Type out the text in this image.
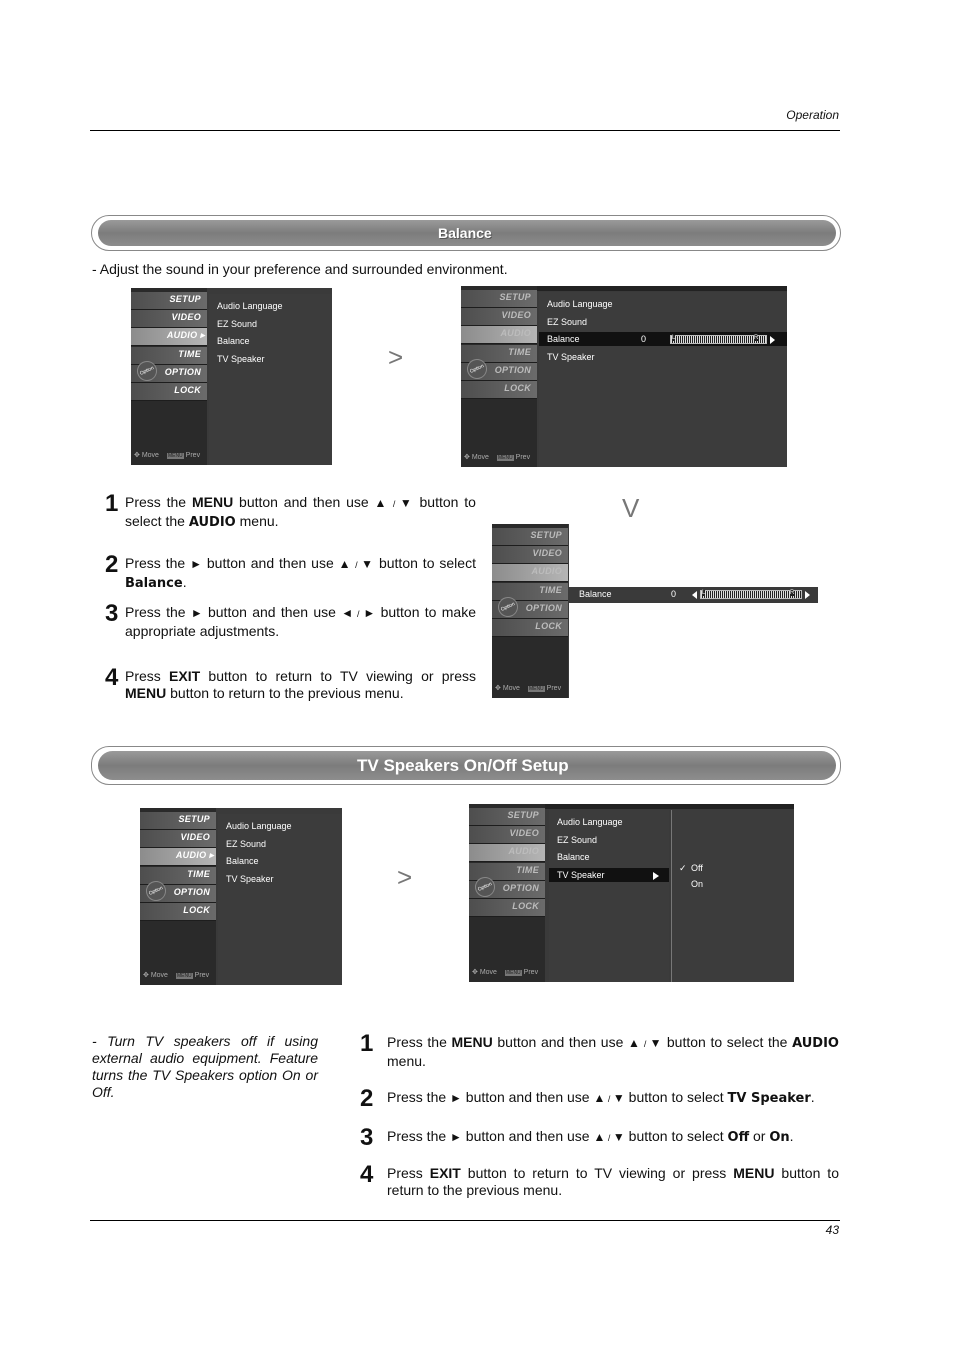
Operation
Balance
- Adjust the sound in your preference and surrounded environment.
SETUP
VIDEO
AUDIO ▸
TIME
OPTION
Option
LOCK
✥ Move MENU Prev
Audio Language
EZ Sound
Balance
TV Speaker
SETUP
VIDEO
AUDIO
TIME
OPTION
Option
LOCK
✥ Move MENU Prev
Audio Language
EZ Sound
Balance
TV Speaker
0	L	R
SETUP
VIDEO
AUDIO
TIME
OPTION
Option
LOCK
✥ Move MENU Prev
Balance	0	L	R
>
V
1 Press the MENU button and then use ▲ / ▼ button to select the AUDIO menu.
2 Press the ► button and then use ▲ / ▼ button to select Balance.
3 Press the ► button and then use ◄ / ► button to make appropriate adjustments.
4 Press EXIT button to return to TV viewing or press MENU button to return to the previous menu.
TV Speakers On/Off Setup
SETUP
VIDEO
AUDIO ▸
TIME
OPTION
Option
LOCK
✥ Move MENU Prev
Audio Language
EZ Sound
Balance
TV Speaker
SETUP
VIDEO
AUDIO
TIME
OPTION
Option
LOCK
✥ Move MENU Prev
Audio Language
EZ Sound
Balance
TV Speaker
Off
On
✓
>
- Turn TV speakers off if using external audio equipment. Feature turns the TV Speakers option On or Off.
1 Press the MENU button and then use ▲ / ▼ button to select the AUDIO menu.
2 Press the ► button and then use ▲ / ▼ button to select TV Speaker.
3 Press the ► button and then use ▲ / ▼ button to select Off or On.
4 Press EXIT button to return to TV viewing or press MENU button to return to the previous menu.
43
